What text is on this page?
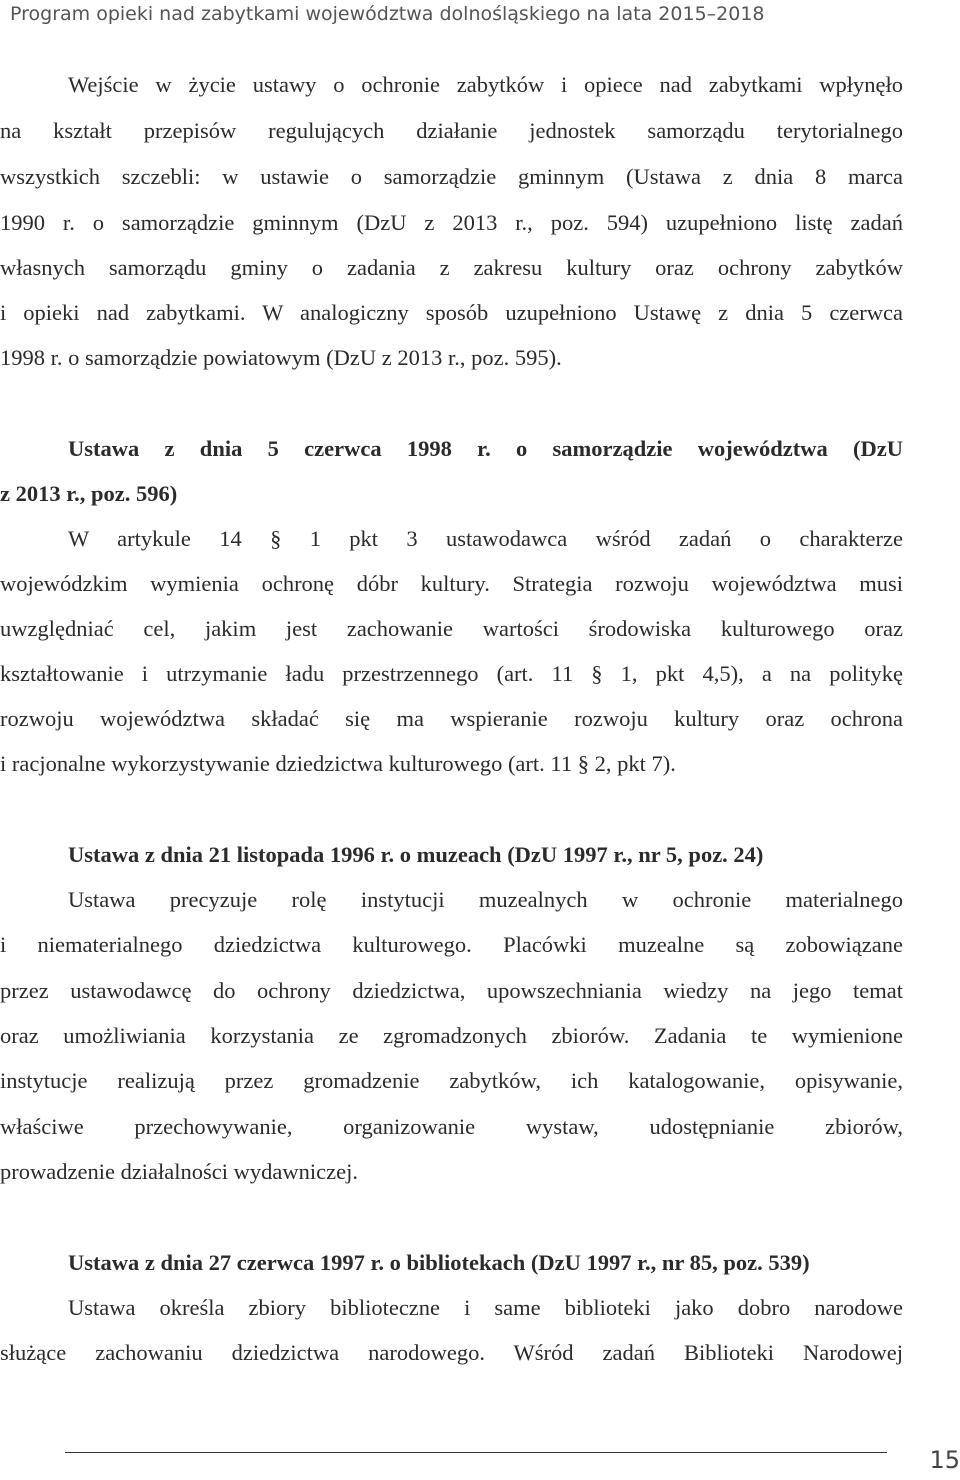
Program opieki nad zabytkami województwa dolnośląskiego na lata 2015–2018
Wejście w życie ustawy o ochronie zabytków i opiece nad zabytkami wpłynęło
na kształt przepisów regulujących działanie jednostek samorządu terytorialnego
wszystkich szczebli: w ustawie o samorządzie gminnym (Ustawa z dnia 8 marca
1990 r. o samorządzie gminnym (DzU z 2013 r., poz. 594) uzupełniono listę zadań
własnych samorządu gminy o zadania z zakresu kultury oraz ochrony zabytków
i opieki nad zabytkami. W analogiczny sposób uzupełniono Ustawę z dnia 5 czerwca
1998 r. o samorządzie powiatowym (DzU z 2013 r., poz. 595).
Ustawa z dnia 5 czerwca 1998 r. o samorządzie województwa (DzU
z 2013 r., poz. 596)
W artykule 14 § 1 pkt 3 ustawodawca wśród zadań o charakterze
wojewódzkim wymienia ochronę dóbr kultury. Strategia rozwoju województwa musi
uwzględniać cel, jakim jest zachowanie wartości środowiska kulturowego oraz
kształtowanie i utrzymanie ładu przestrzennego (art. 11 § 1, pkt 4,5), a na politykę
rozwoju województwa składać się ma wspieranie rozwoju kultury oraz ochrona
i racjonalne wykorzystywanie dziedzictwa kulturowego (art. 11 § 2, pkt 7).
Ustawa z dnia 21 listopada 1996 r. o muzeach (DzU 1997 r., nr 5, poz. 24)
Ustawa precyzuje rolę instytucji muzealnych w ochronie materialnego
i niematerialnego dziedzictwa kulturowego. Placówki muzealne są zobowiązane
przez ustawodawcę do ochrony dziedzictwa, upowszechniania wiedzy na jego temat
oraz umożliwiania korzystania ze zgromadzonych zbiorów. Zadania te wymienione
instytucje realizują przez gromadzenie zabytków, ich katalogowanie, opisywanie,
właściwe przechowywanie, organizowanie wystaw, udostępnianie zbiorów,
prowadzenie działalności wydawniczej.
Ustawa z dnia 27 czerwca 1997 r. o bibliotekach (DzU 1997 r., nr 85, poz. 539)
Ustawa określa zbiory biblioteczne i same biblioteki jako dobro narodowe
służące zachowaniu dziedzictwa narodowego. Wśród zadań Biblioteki Narodowej
15
